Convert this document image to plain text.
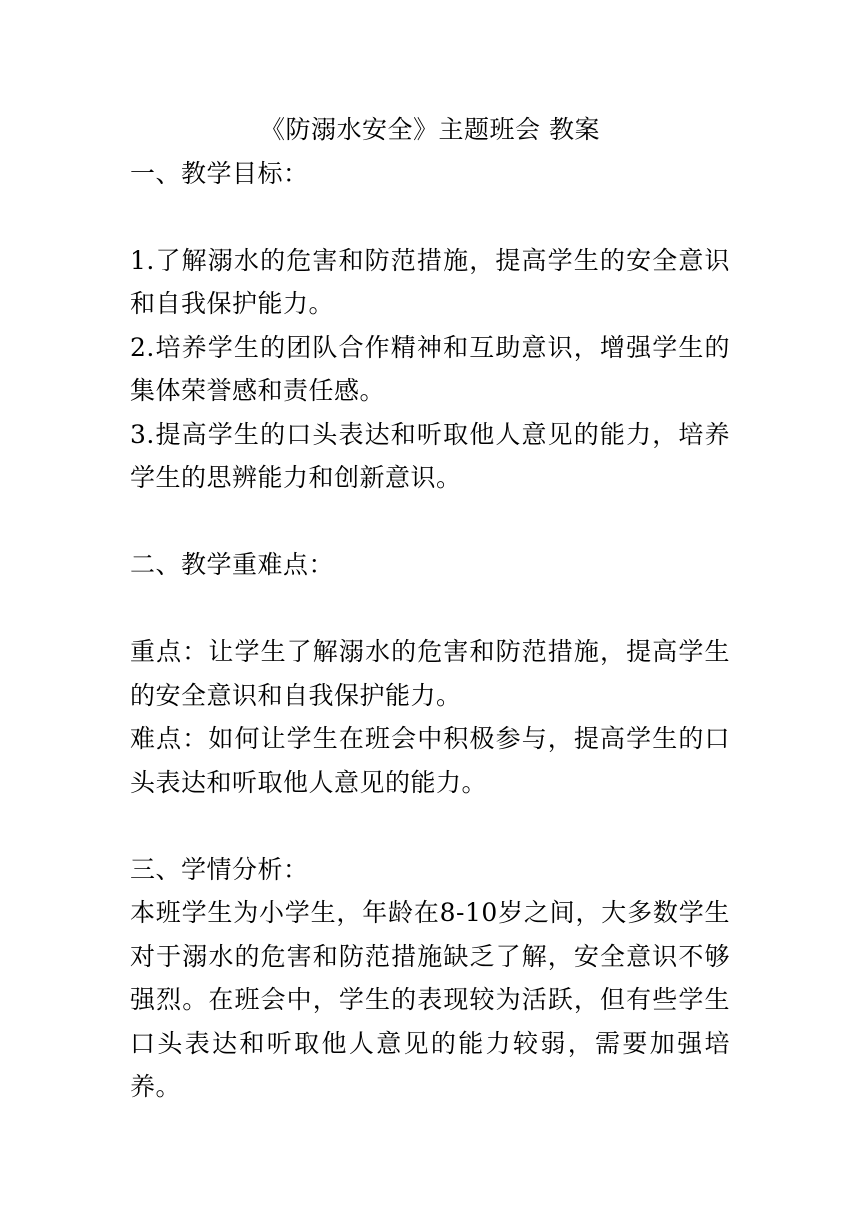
《防溺水安全》主题班会 教案

一、教学目标：

1.了解溺水的危害和防范措施，提高学生的安全意识和自我保护能力。

2.培养学生的团队合作精神和互助意识，增强学生的集体荣誉感和责任感。

3.提高学生的口头表达和听取他人意见的能力，培养学生的思辨能力和创新意识。

二、教学重难点：

重点：让学生了解溺水的危害和防范措施，提高学生的安全意识和自我保护能力。

难点：如何让学生在班会中积极参与，提高学生的口头表达和听取他人意见的能力。

三、学情分析：

本班学生为小学生，年龄在8-10岁之间，大多数学生对于溺水的危害和防范措施缺乏了解，安全意识不够强烈。在班会中，学生的表现较为活跃，但有些学生口头表达和听取他人意见的能力较弱，需要加强培养。
